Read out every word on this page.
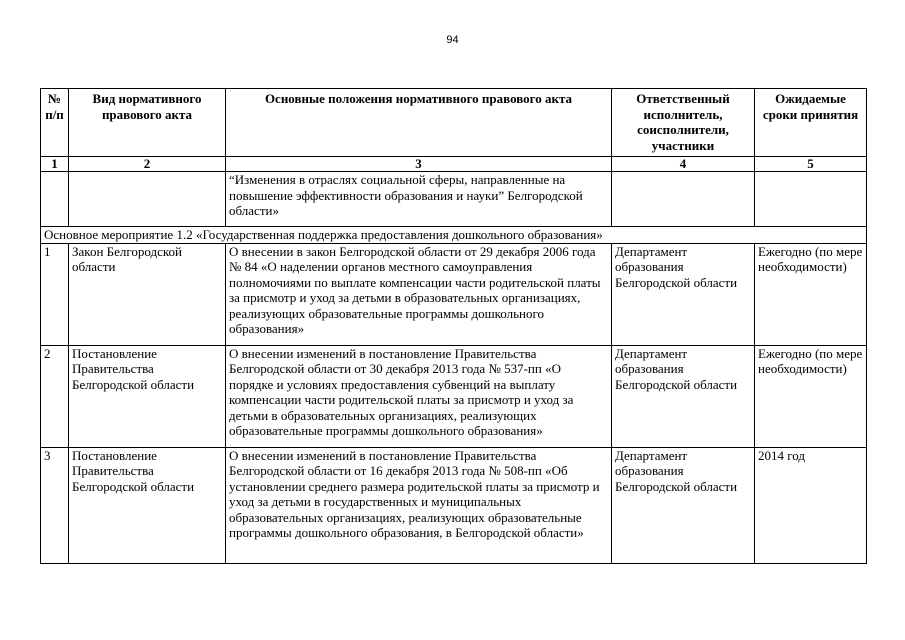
94
№ п/п	Вид нормативного правового акта	Основные положения нормативного правового акта	Ответственный исполнитель, соисполнители, участники	Ожидаемые сроки принятия
1	2	3	4	5
		“Изменения в отраслях социальной сферы, направленные на повышение эффективности образования и науки” Белгородской области»		
Основное мероприятие 1.2 «Государственная поддержка предоставления дошкольного образования»				
1	Закон Белгородской области	О внесении в закон Белгородской области от 29 декабря 2006 года № 84 «О наделении органов местного самоуправления полномочиями по выплате компенсации части родительской платы за присмотр и уход за детьми в образовательных организациях, реализующих образовательные программы дошкольного образования»	Департамент образования Белгородской области	Ежегодно (по мере необходимости)
2	Постановление Правительства Белгородской области	О внесении изменений в постановление Правительства Белгородской области от 30 декабря 2013 года № 537-пп «О порядке и условиях предоставления субвенций на выплату компенсации части родительской платы за присмотр и уход за детьми в образовательных организациях, реализующих образовательные программы дошкольного образования»	Департамент образования Белгородской области	Ежегодно (по мере необходимости)
3	Постановление Правительства Белгородской области	О внесении изменений в постановление Правительства Белгородской области от 16 декабря 2013 года № 508-пп «Об установлении среднего размера родительской платы за присмотр и уход за детьми в государственных и муниципальных образовательных организациях, реализующих образовательные программы дошкольного образования, в Белгородской области»	Департамент образования Белгородской области	2014 год
